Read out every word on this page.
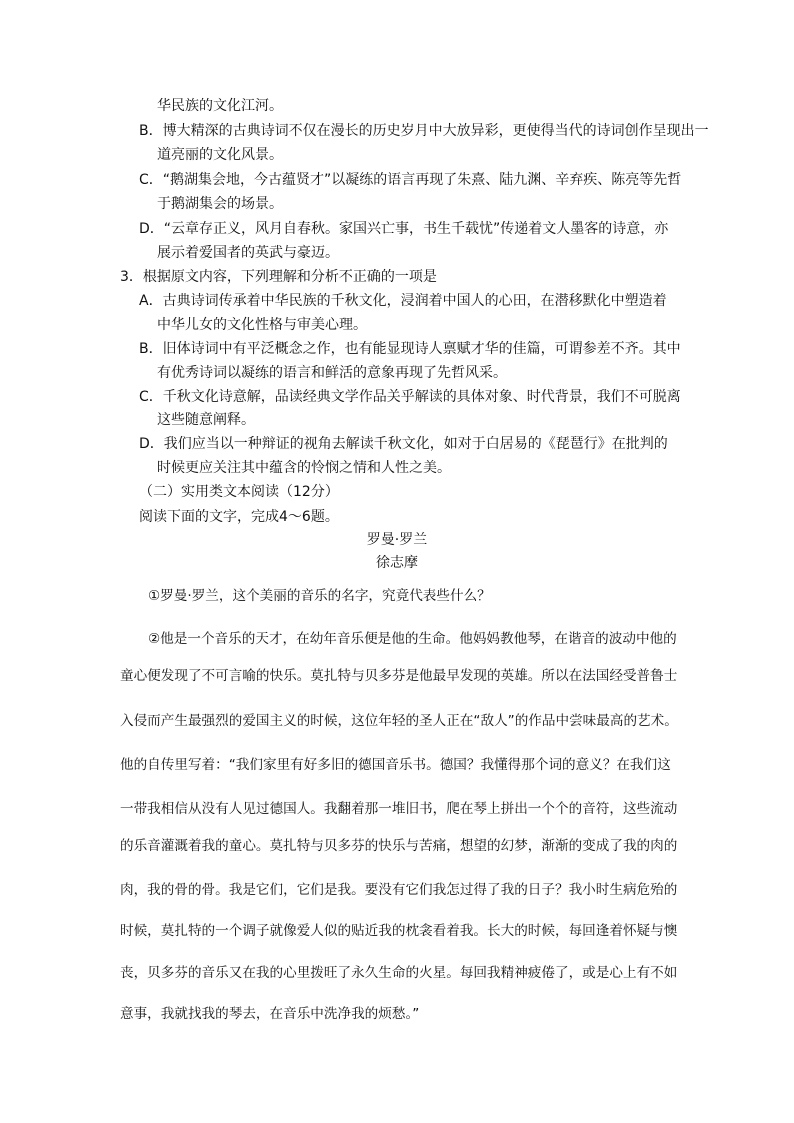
华民族的文化江河。
B．博大精深的古典诗词不仅在漫长的历史岁月中大放异彩，更使得当代的诗词创作呈现出一
道亮丽的文化风景。
C．“鹅湖集会地，今古蕴贤才”以凝练的语言再现了朱熹、陆九渊、辛弃疾、陈亮等先哲
于鹅湖集会的场景。
D．“云章存正义，风月自春秋。家国兴亡事，书生千载忧”传递着文人墨客的诗意，亦
展示着爱国者的英武与豪迈。
3．根据原文内容，下列理解和分析不正确的一项是
A．古典诗词传承着中华民族的千秋文化，浸润着中国人的心田，在潜移默化中塑造着
中华儿女的文化性格与审美心理。
B．旧体诗词中有平泛概念之作，也有能显现诗人禀赋才华的佳篇，可谓参差不齐。其中
有优秀诗词以凝练的语言和鲜活的意象再现了先哲风采。
C．千秋文化诗意解，品读经典文学作品关乎解读的具体对象、时代背景，我们不可脱离
这些随意阐释。
D．我们应当以一种辩证的视角去解读千秋文化，如对于白居易的《琵琶行》在批判的
时候更应关注其中蕴含的怜悯之情和人性之美。
（二）实用类文本阅读（12分）
阅读下面的文字，完成4～6题。
罗曼·罗兰
徐志摩
①罗曼·罗兰，这个美丽的音乐的名字，究竟代表些什么？
②他是一个音乐的天才，在幼年音乐便是他的生命。他妈妈教他琴，在谐音的波动中他的
童心便发现了不可言喻的快乐。莫扎特与贝多芬是他最早发现的英雄。所以在法国经受普鲁士
入侵而产生最强烈的爱国主义的时候，这位年轻的圣人正在“敌人”的作品中尝味最高的艺术。
他的自传里写着：“我们家里有好多旧的德国音乐书。德国？我懂得那个词的意义？在我们这
一带我相信从没有人见过德国人。我翻着那一堆旧书，爬在琴上拼出一个个的音符，这些流动
的乐音灌溉着我的童心。莫扎特与贝多芬的快乐与苦痛，想望的幻梦，渐渐的变成了我的肉的
肉，我的骨的骨。我是它们，它们是我。要没有它们我怎过得了我的日子？我小时生病危殆的
时候，莫扎特的一个调子就像爱人似的贴近我的枕衾看着我。长大的时候，每回逢着怀疑与懊
丧，贝多芬的音乐又在我的心里拨旺了永久生命的火星。每回我精神疲倦了，或是心上有不如
意事，我就找我的琴去，在音乐中洗净我的烦愁。”
